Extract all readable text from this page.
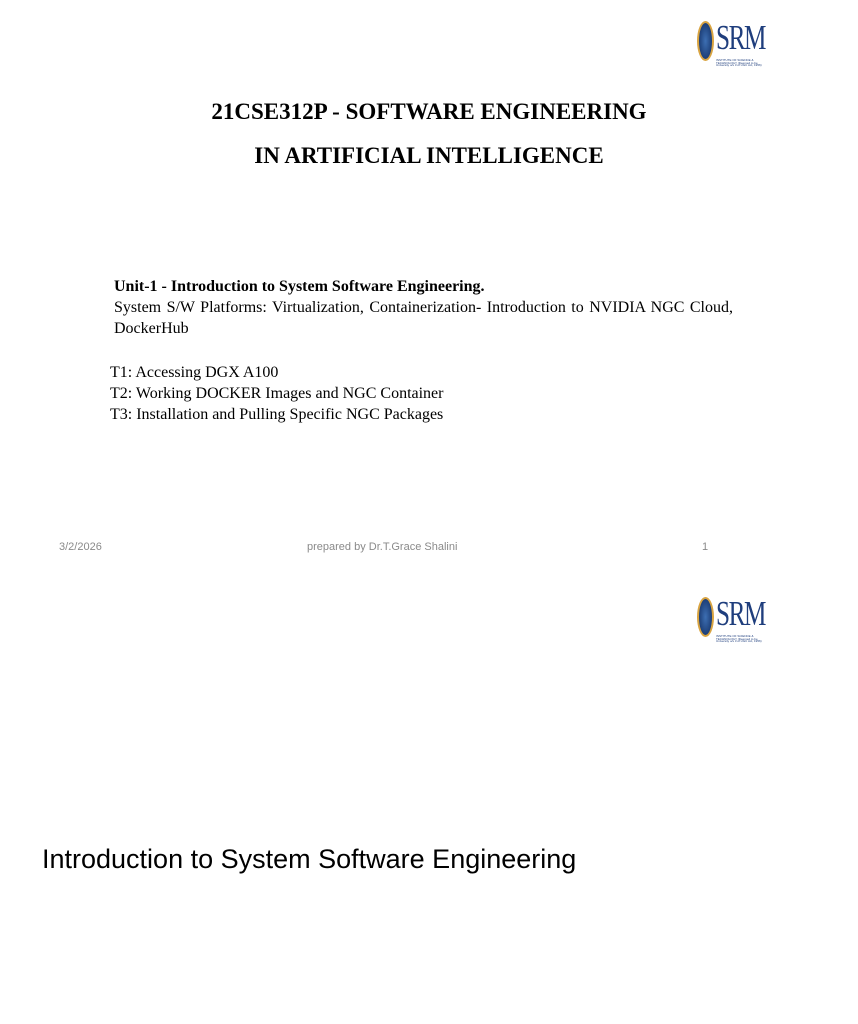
SRM
INSTITUTE OF SCIENCE & TECHNOLOGY (Deemed to be University u/s 3 of UGC Act, 1956)
21CSE312P - SOFTWARE ENGINEERING
IN ARTIFICIAL INTELLIGENCE
Unit-1 - Introduction to System Software Engineering.
System S/W Platforms: Virtualization, Containerization- Introduction to NVIDIA NGC Cloud, DockerHub
T1: Accessing DGX A100
T2: Working DOCKER Images and NGC Container
T3: Installation and Pulling Specific NGC Packages
3/2/2026	prepared by Dr.T.Grace Shalini	1
SRM
INSTITUTE OF SCIENCE & TECHNOLOGY (Deemed to be University u/s 3 of UGC Act, 1956)
Introduction to System Software Engineering
